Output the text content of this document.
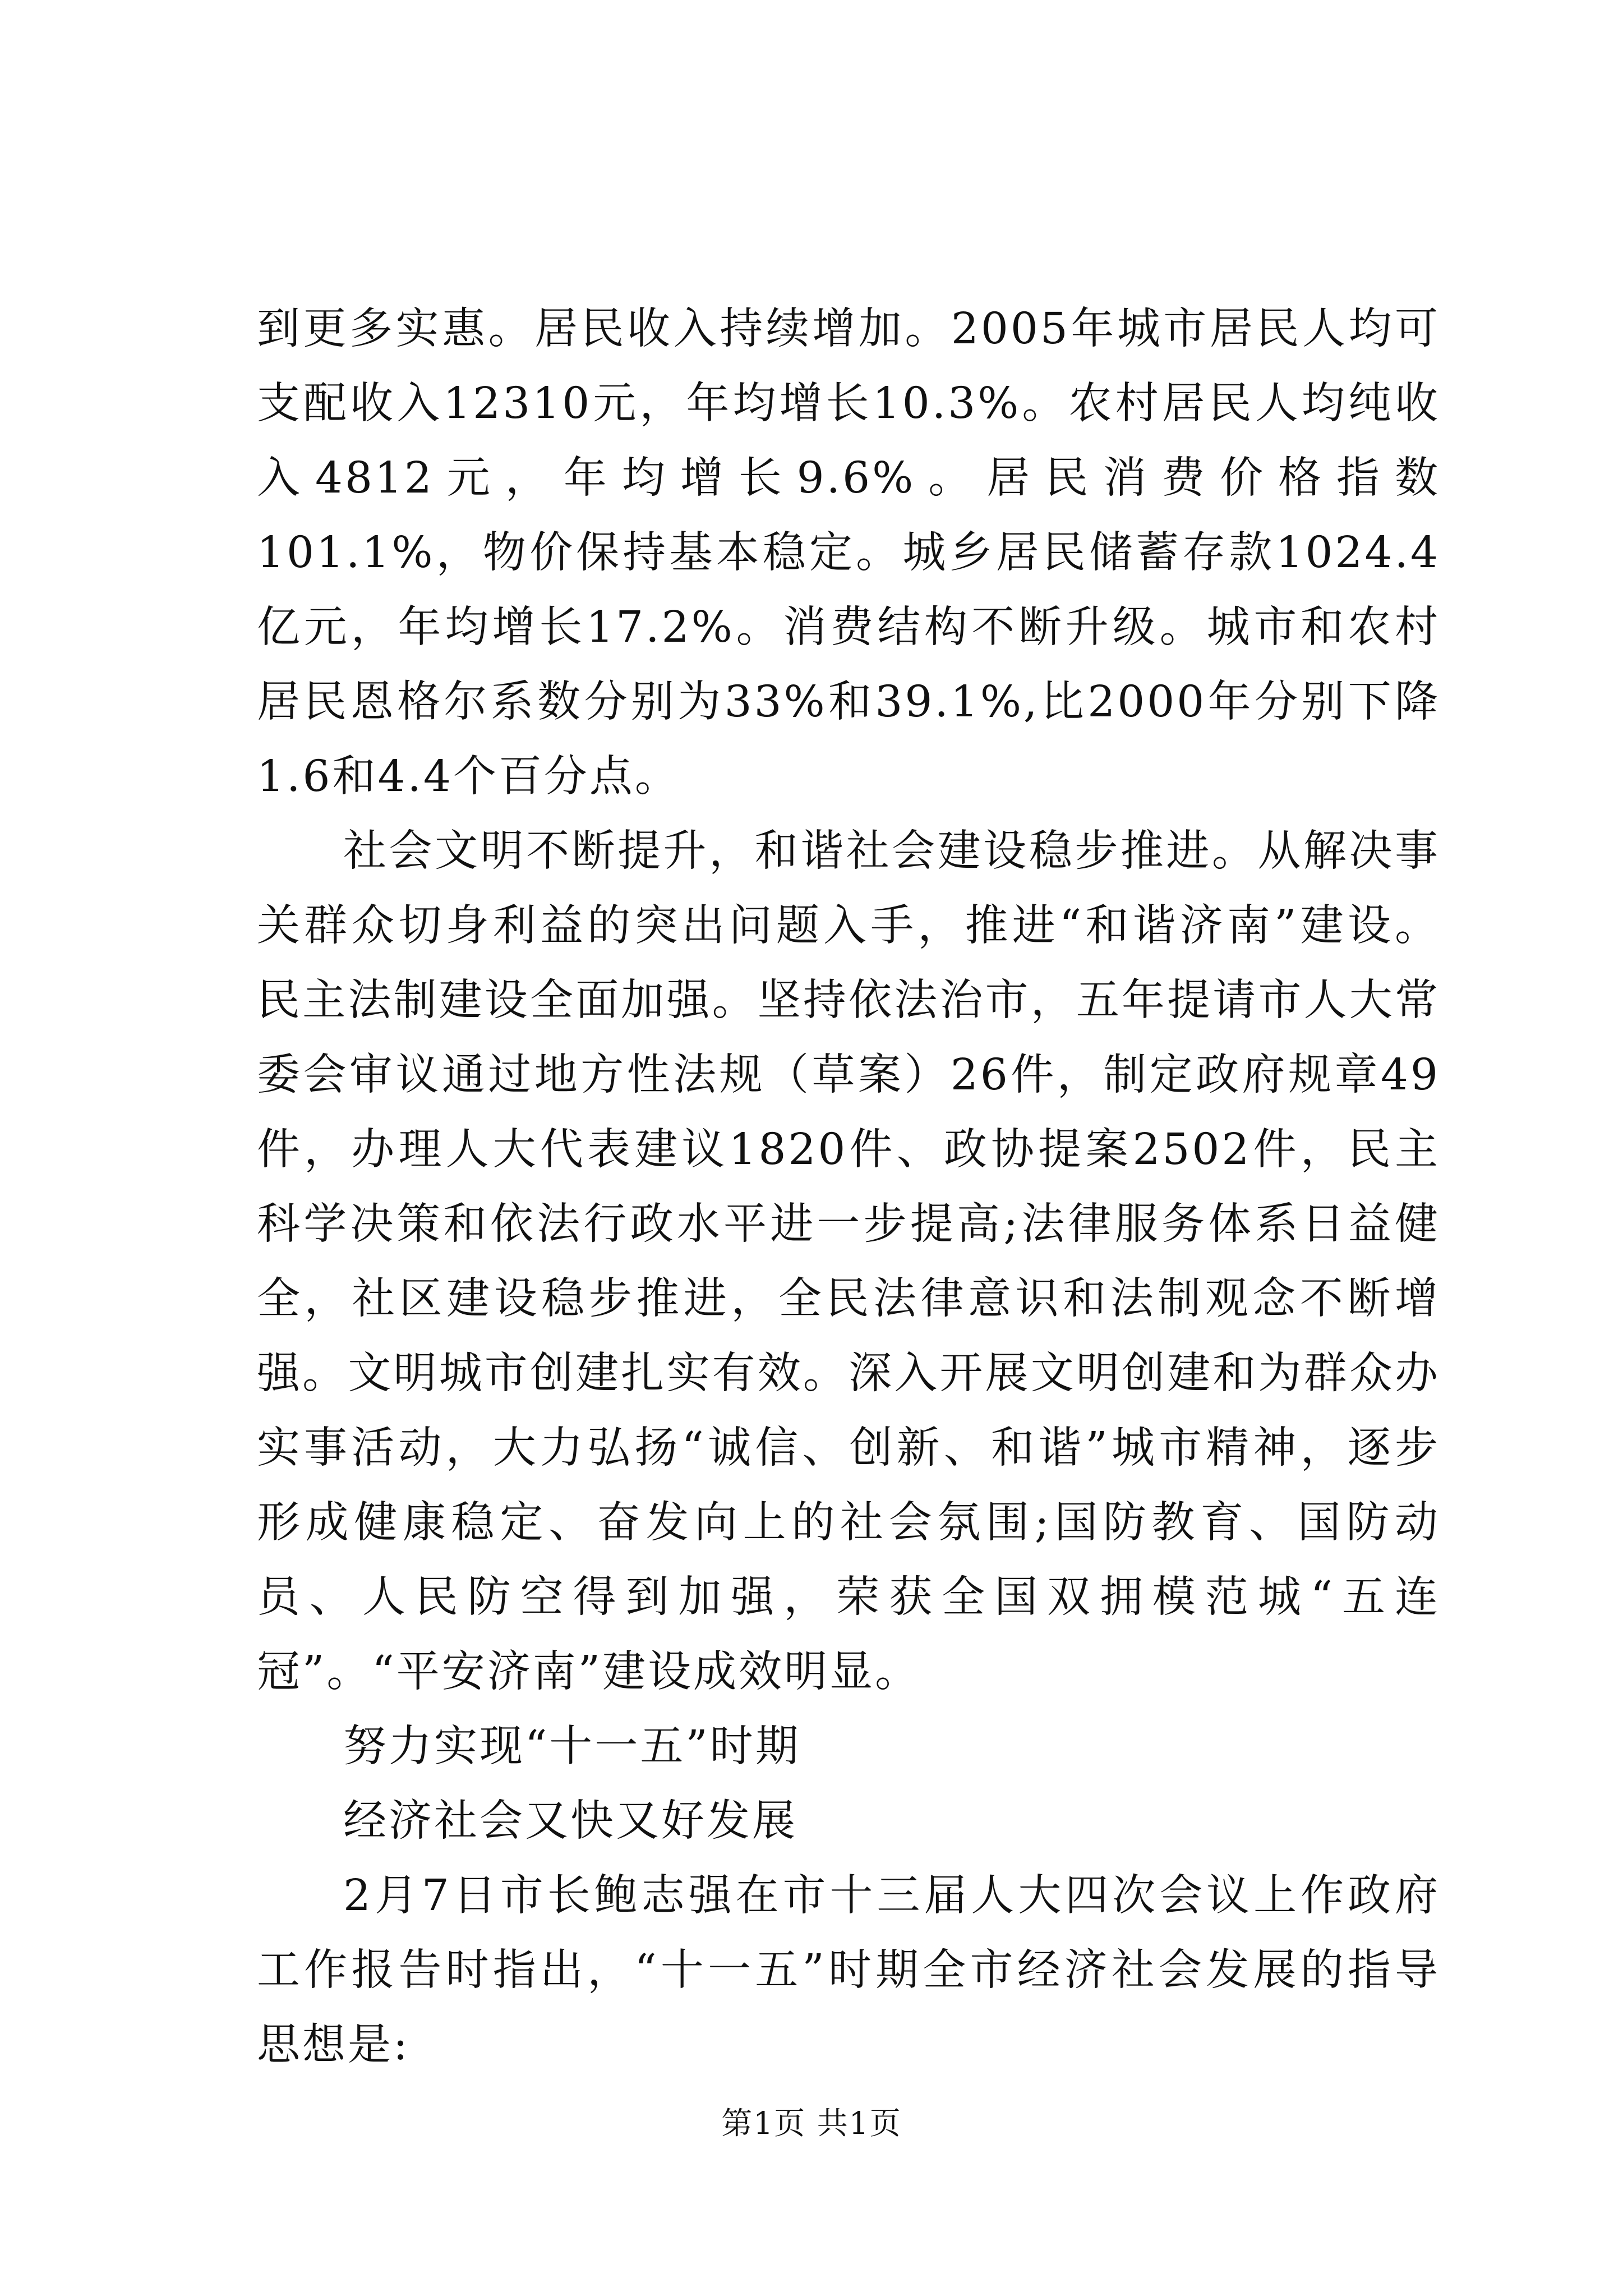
到更多实惠。居民收入持续增加。2005年城市居民人均可支配收入12310元，年均增长10.3%。农村居民人均纯收入4812元，年均增长9.6%。居民消费价格指数101.1%，物价保持基本稳定。城乡居民储蓄存款1024.4亿元，年均增长17.2%。消费结构不断升级。城市和农村居民恩格尔系数分别为33%和39.1%,比2000年分别下降1.6和4.4个百分点。

社会文明不断提升，和谐社会建设稳步推进。从解决事关群众切身利益的突出问题入手，推进“和谐济南”建设。民主法制建设全面加强。坚持依法治市，五年提请市人大常委会审议通过地方性法规（草案）26件，制定政府规章49件，办理人大代表建议1820件、政协提案2502件，民主科学决策和依法行政水平进一步提高;法律服务体系日益健全，社区建设稳步推进，全民法律意识和法制观念不断增强。文明城市创建扎实有效。深入开展文明创建和为群众办实事活动，大力弘扬“诚信、创新、和谐”城市精神，逐步形成健康稳定、奋发向上的社会氛围;国防教育、国防动员、人民防空得到加强，荣获全国双拥模范城“五连冠”。“平安济南”建设成效明显。

努力实现“十一五”时期

经济社会又快又好发展

2月7日市长鲍志强在市十三届人大四次会议上作政府工作报告时指出，“十一五”时期全市经济社会发展的指导思想是:

第1页 共1页
